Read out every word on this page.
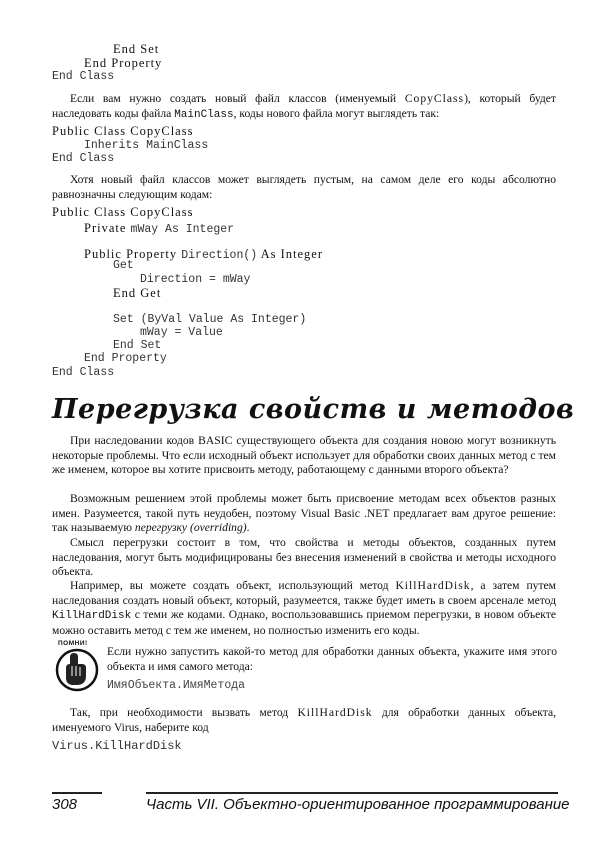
End Set
End Property
End Class
Если вам нужно создать новый файл классов (именуемый CopyClass), который будет наследовать коды файла MainClass, коды нового файла могут выглядеть так:
Public Class CopyClass
Inherits MainClass
End Class
Хотя новый файл классов может выглядеть пустым, на самом деле его коды абсолютно равнозначны следующим кодам:
Public Class CopyClass
Private mWay As Integer
Public Property Direction() As Integer
Get
Direction = mWay
End Get
Set (ByVal Value As Integer)
mWay = Value
End Set
End Property
End Class
Перегрузка свойств и методов
При наследовании кодов BASIC существующего объекта для создания новою могут возникнуть некоторые проблемы. Что если исходный объект использует для обработки своих данных метод с тем же именем, которое вы хотите присвоить методу, работающему с данными второго объекта?
Возможным решением этой проблемы может быть присвоение методам всех объектов разных имен. Разумеется, такой путь неудобен, поэтому Visual Basic .NET предлагает вам другое решение: так называемую перегрузку (overriding).
Смысл перегрузки состоит в том, что свойства и методы объектов, созданных путем наследования, могут быть модифицированы без внесения изменений в свойства и методы исходного объекта.
Например, вы можете создать объект, использующий метод KillHardDisk, а затем путем наследования создать новый объект, который, разумеется, также будет иметь в своем арсенале метод KillHardDisk с теми же кодами. Однако, воспользовавшись приемом перегрузки, в новом объекте можно оставить метод с тем же именем, но полностью изменить его коды.
ПОМНИ!
Если нужно запустить какой-то метод для обработки данных объекта, укажите имя этого объекта и имя самого метода:
ИмяОбъекта.ИмяМетода
Так, при необходимости вызвать метод KillHardDisk для обработки данных объекта, именуемого Virus, наберите код
Virus.KillHardDisk
308	Часть VII. Объектно-ориентированное программирование
